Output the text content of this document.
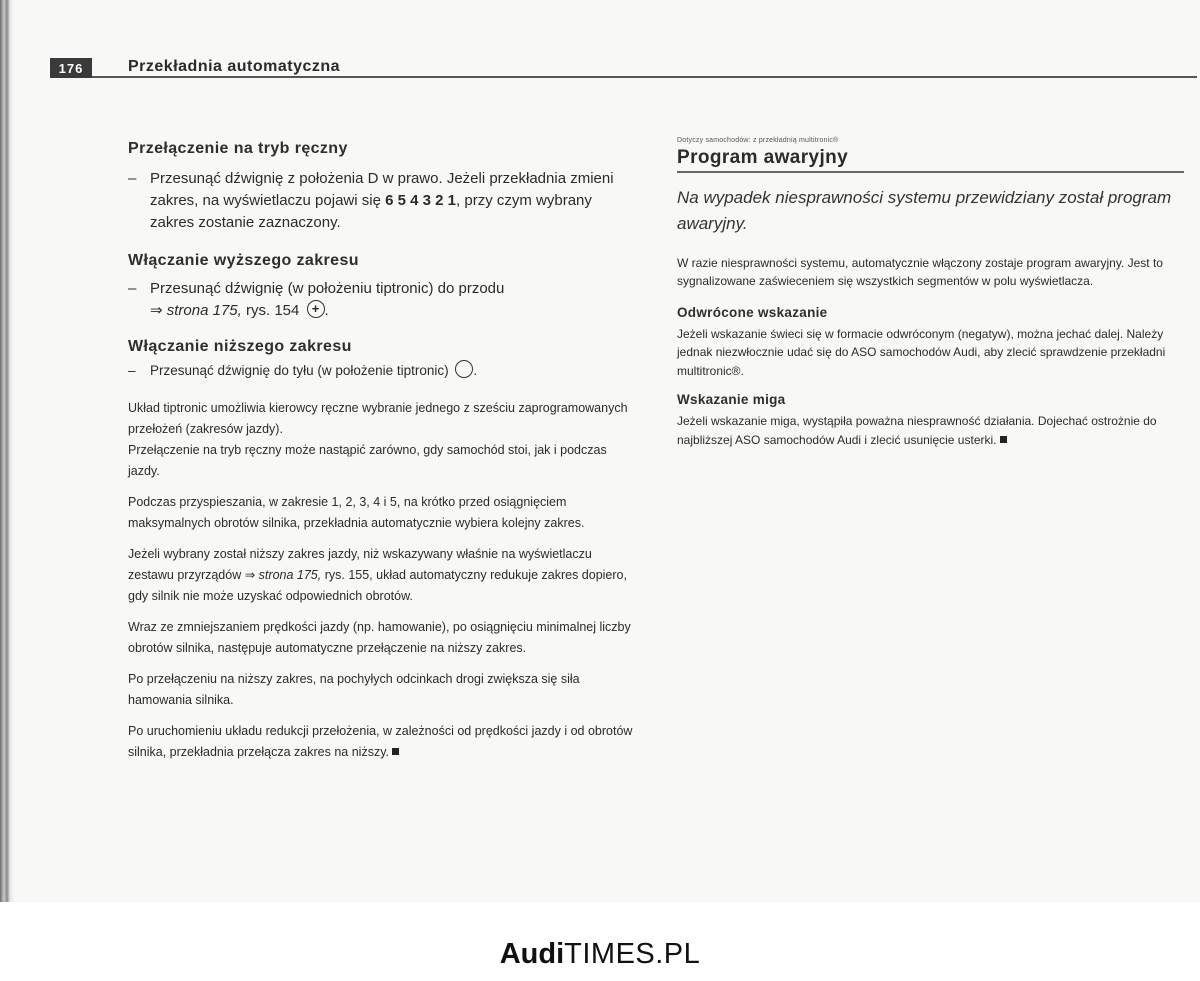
176	Przekładnia automatyczna
Przełączenie na tryb ręczny
– Przesunąć dźwignię z położenia D w prawo. Jeżeli przekładnia zmieni zakres, na wyświetlaczu pojawi się 6 5 4 3 2 1, przy czym wybrany zakres zostanie zaznaczony.
Włączanie wyższego zakresu
– Przesunąć dźwignię (w położeniu tiptronic) do przodu
⇒ strona 175, rys. 154 + .
Włączanie niższego zakresu
–	Przesunąć dźwignię do tyłu (w położenie tiptronic) .

Układ tiptronic umożliwia kierowcy ręczne wybranie jednego z sześciu zaprogramowanych przełożeń (zakresów jazdy).
Przełączenie na tryb ręczny może nastąpić zarówno, gdy samochód stoi, jak i podczas jazdy.

Podczas przyspieszania, w zakresie 1, 2, 3, 4 i 5, na krótko przed osiągnięciem maksymalnych obrotów silnika, przekładnia automatycznie wybiera kolejny zakres.

Jeżeli wybrany został niższy zakres jazdy, niż wskazywany właśnie na wyświetlaczu zestawu przyrządów ⇒ strona 175, rys. 155, układ automatyczny redukuje zakres dopiero, gdy silnik nie może uzyskać odpowiednich obrotów.

Wraz ze zmniejszaniem prędkości jazdy (np. hamowanie), po osiągnięciu minimalnej liczby obrotów silnika, następuje automatyczne przełączenie na niższy zakres.

Po przełączeniu na niższy zakres, na pochyłych odcinkach drogi zwiększa się siła hamowania silnika.

Po uruchomieniu układu redukcji przełożenia, w zależności od prędkości jazdy i od obrotów silnika, przekładnia przełącza zakres na niższy.

Dotyczy samochodów: z przekładnią multitronic®
Program awaryjny
Na wypadek niesprawności systemu przewidziany został program awaryjny.

W razie niesprawności systemu, automatycznie włączony zostaje program awaryjny. Jest to sygnalizowane zaświeceniem się wszystkich segmentów w polu wyświetlacza.

Odwrócone wskazanie

Jeżeli wskazanie świeci się w formacie odwróconym (negatyw), można jechać dalej. Należy jednak niezwłocznie udać się do ASO samochodów Audi, aby zlecić sprawdzenie przekładni multitronic®.

Wskazanie miga

Jeżeli wskazanie miga, wystąpiła poważna niesprawność działania. Dojechać ostrożnie do najbliższej ASO samochodów Audi i zlecić usunięcie usterki.

AudiTIMES.PL
